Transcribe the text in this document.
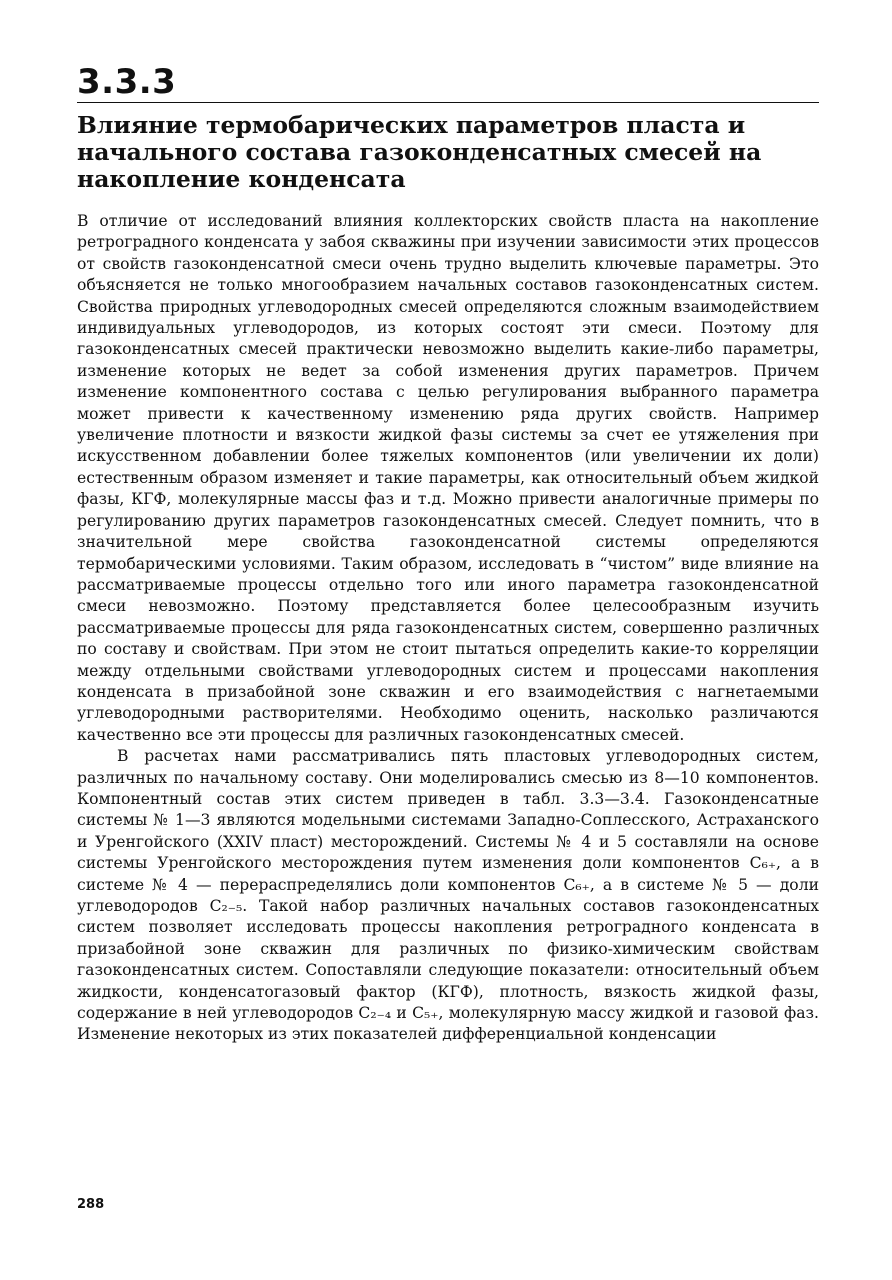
3.3.3
Влияние термобарических параметров пласта и начального состава газоконденсатных смесей на накопление конденсата

В отличие от исследований влияния коллекторских свойств пласта на накопление ретроградного конденсата у забоя скважины при изучении зависимости этих процессов от свойств газоконденсатной смеси очень трудно выделить ключевые параметры. Это объясняется не только многообразием начальных составов газоконденсатных систем. Свойства природных углеводородных смесей определяются сложным взаимодействием индивидуальных углеводородов, из которых состоят эти смеси. Поэтому для газоконденсатных смесей практически невозможно выделить какие-либо параметры, изменение которых не ведет за собой изменения других параметров. Причем изменение компонентного состава с целью регулирования выбранного параметра может привести к качественному изменению ряда других свойств. Например увеличение плотности и вязкости жидкой фазы системы за счет ее утяжеления при искусственном добавлении более тяжелых компонентов (или увеличении их доли) естественным образом изменяет и такие параметры, как относительный объем жидкой фазы, КГФ, молекулярные массы фаз и т.д. Можно привести аналогичные примеры по регулированию других параметров газоконденсатных смесей. Следует помнить, что в значительной мере свойства газоконденсатной системы определяются термобарическими условиями. Таким образом, исследовать в “чистом” виде влияние на рассматриваемые процессы отдельно того или иного параметра газоконденсатной смеси невозможно. Поэтому представляется более целесообразным изучить рассматриваемые процессы для ряда газоконденсатных систем, совершенно различных по составу и свойствам. При этом не стоит пытаться определить какие-то корреляции между отдельными свойствами углеводородных систем и процессами накопления конденсата в призабойной зоне скважин и его взаимодействия с нагнетаемыми углеводородными растворителями. Необходимо оценить, насколько различаются качественно все эти процессы для различных газоконденсатных смесей.

В расчетах нами рассматривались пять пластовых углеводородных систем, различных по начальному составу. Они моделировались смесью из 8—10 компонентов. Компонентный состав этих систем приведен в табл. 3.3—3.4. Газоконденсатные системы № 1—3 являются модельными системами Западно-Соплесского, Астраханского и Уренгойского (XXIV пласт) месторождений. Системы № 4 и 5 составляли на основе системы Уренгойского месторождения путем изменения доли компонентов C₆₊, а в системе № 4 — перераспределялись доли компонентов C₆₊, а в системе № 5 — доли углеводородов C₂₋₅. Такой набор различных начальных составов газоконденсатных систем позволяет исследовать процессы накопления ретроградного конденсата в призабойной зоне скважин для различных по физико-химическим свойствам газоконденсатных систем. Сопоставляли следующие показатели: относительный объем жидкости, конденсатогазовый фактор (КГФ), плотность, вязкость жидкой фазы, содержание в ней углеводородов C₂₋₄ и C₅₊, молекулярную массу жидкой и газовой фаз. Изменение некоторых из этих показателей дифференциальной конденсации

288
